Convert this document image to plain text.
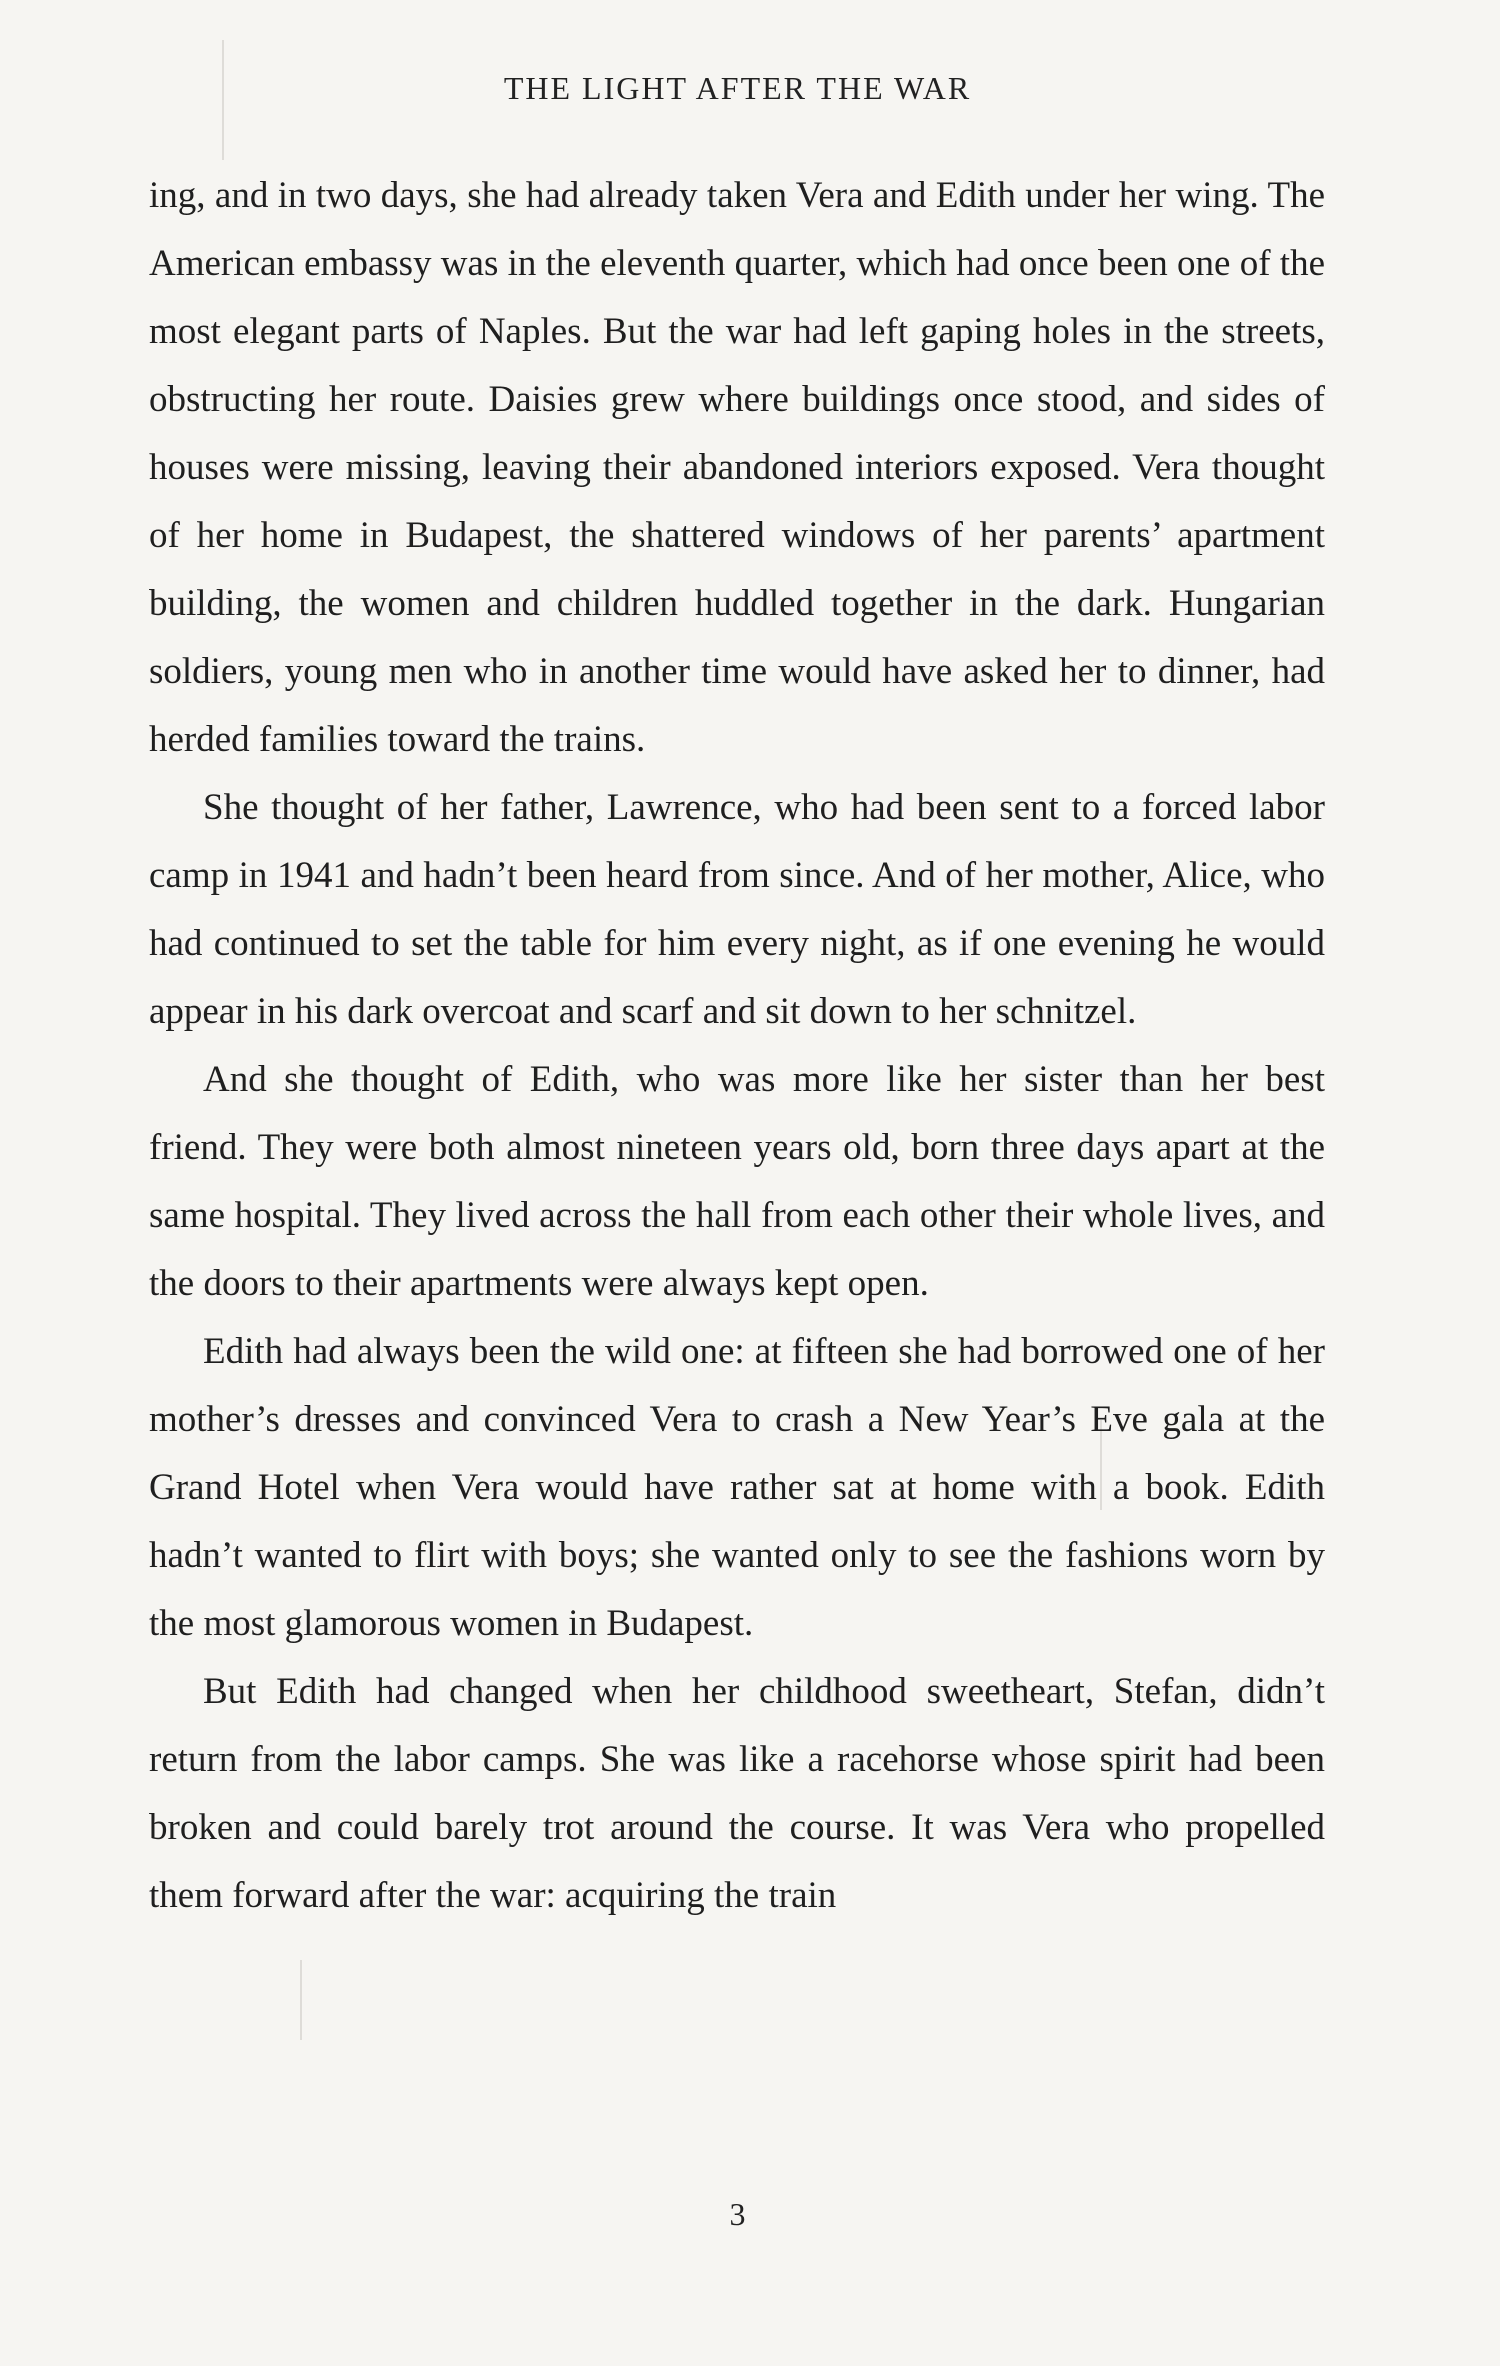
THE LIGHT AFTER THE WAR

ing, and in two days, she had already taken Vera and Edith under her wing. The American embassy was in the eleventh quarter, which had once been one of the most elegant parts of Naples. But the war had left gaping holes in the streets, obstructing her route. Daisies grew where buildings once stood, and sides of houses were missing, leaving their abandoned interiors exposed. Vera thought of her home in Budapest, the shattered windows of her parents’ apartment building, the women and children huddled together in the dark. Hungarian soldiers, young men who in another time would have asked her to dinner, had herded families toward the trains.

She thought of her father, Lawrence, who had been sent to a forced labor camp in 1941 and hadn’t been heard from since. And of her mother, Alice, who had continued to set the table for him every night, as if one evening he would appear in his dark overcoat and scarf and sit down to her schnitzel.

And she thought of Edith, who was more like her sister than her best friend. They were both almost nineteen years old, born three days apart at the same hospital. They lived across the hall from each other their whole lives, and the doors to their apartments were always kept open.

Edith had always been the wild one: at fifteen she had borrowed one of her mother’s dresses and convinced Vera to crash a New Year’s Eve gala at the Grand Hotel when Vera would have rather sat at home with a book. Edith hadn’t wanted to flirt with boys; she wanted only to see the fashions worn by the most glamorous women in Budapest.

But Edith had changed when her childhood sweetheart, Stefan, didn’t return from the labor camps. She was like a racehorse whose spirit had been broken and could barely trot around the course. It was Vera who propelled them forward after the war: acquiring the train

3
